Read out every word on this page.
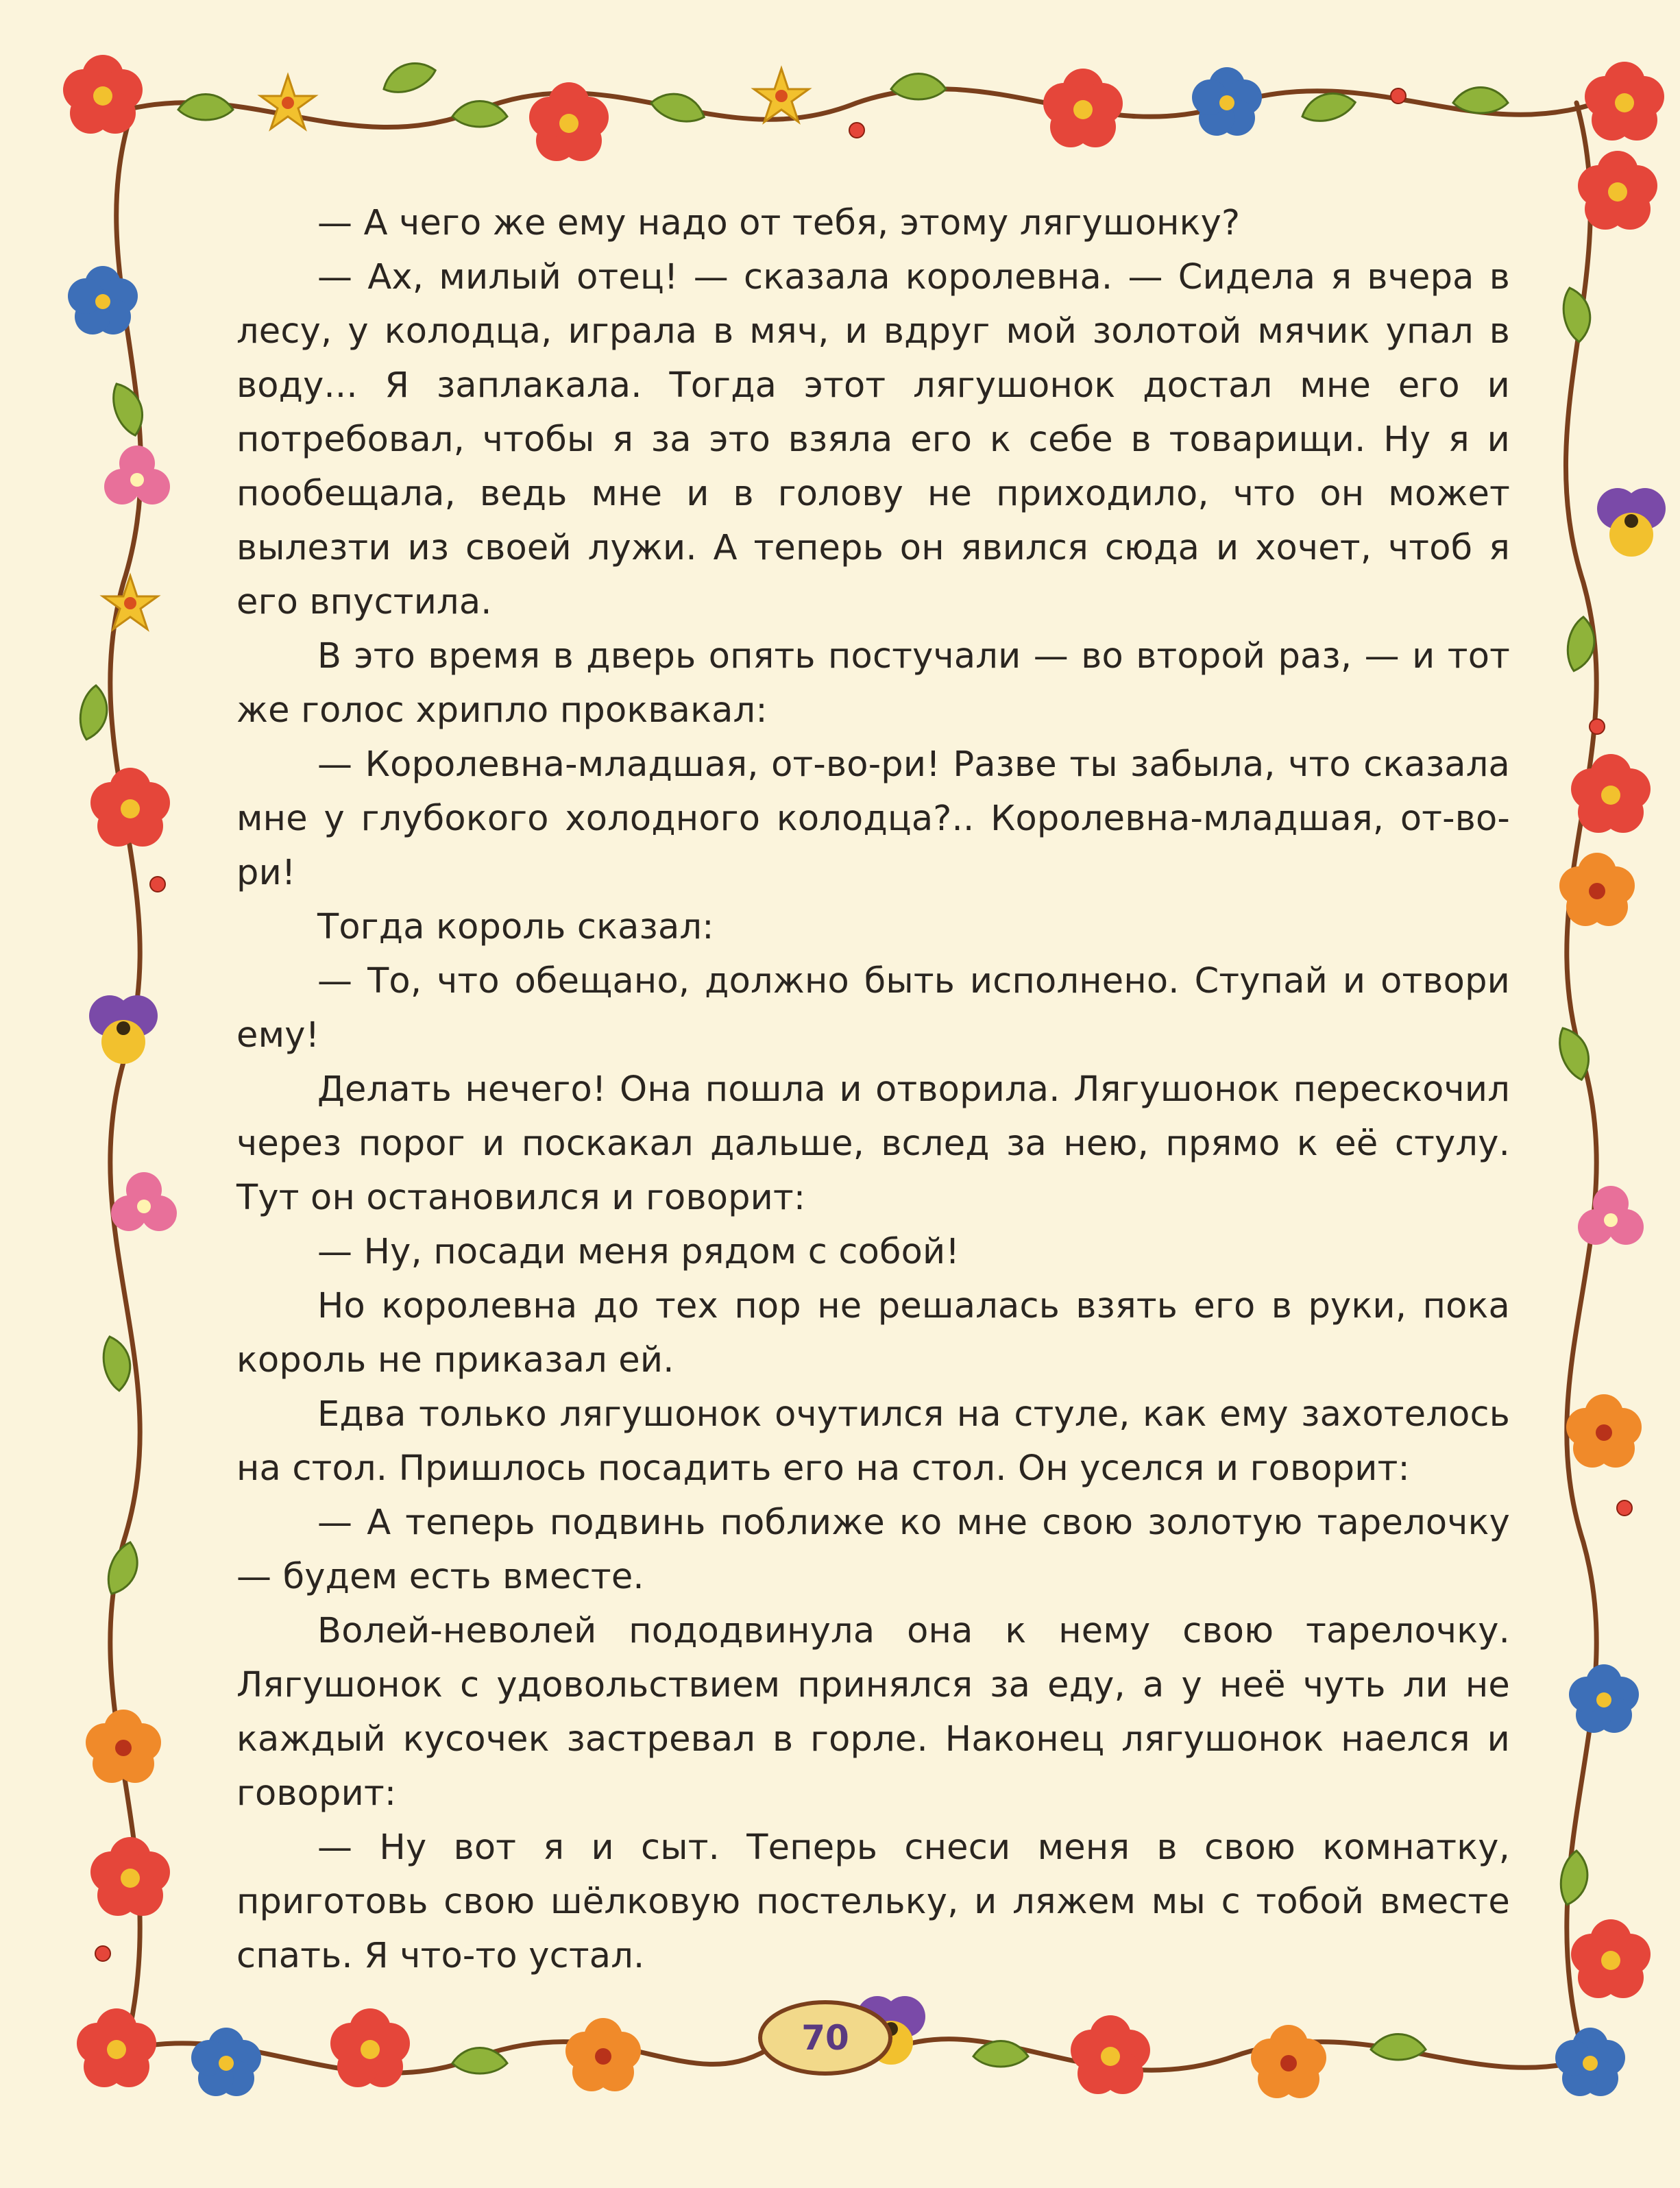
— А чего же ему надо от тебя, этому лягушонку?

— Ах, милый отец! — сказала королевна. — Сидела я вчера в лесу, у колодца, играла в мяч, и вдруг мой золотой мячик упал в воду... Я заплакала. Тогда этот лягушонок достал мне его и потребовал, чтобы я за это взяла его к себе в товарищи. Ну я и пообещала, ведь мне и в голову не приходило, что он может вылезти из своей лужи. А теперь он явился сюда и хочет, чтоб я его впустила.

В это время в дверь опять постучали — во второй раз, — и тот же голос хрипло проквакал:

— Королевна-младшая, от-во-ри! Разве ты забыла, что сказала мне у глубокого холодного колодца?.. Королевна-младшая, от-во-ри!

Тогда король сказал:

— То, что обещано, должно быть исполнено. Ступай и отвори ему!

Делать нечего! Она пошла и отворила. Лягушонок перескочил через порог и поскакал дальше, вслед за нею, прямо к её стулу. Тут он остановился и говорит:

— Ну, посади меня рядом с собой!

Но королевна до тех пор не решалась взять его в руки, пока король не приказал ей.

Едва только лягушонок очутился на стуле, как ему захотелось на стол. Пришлось посадить его на стол. Он уселся и говорит:

— А теперь подвинь поближе ко мне свою золотую тарелочку — будем есть вместе.

Волей-неволей пододвинула она к нему свою тарелочку. Лягушонок с удовольствием принялся за еду, а у неё чуть ли не каждый кусочек застревал в горле. Наконец лягушонок наелся и говорит:

— Ну вот я и сыт. Теперь снеси меня в свою комнатку, приготовь свою шёлковую постельку, и ляжем мы с тобой вместе спать. Я что-то устал.

70
